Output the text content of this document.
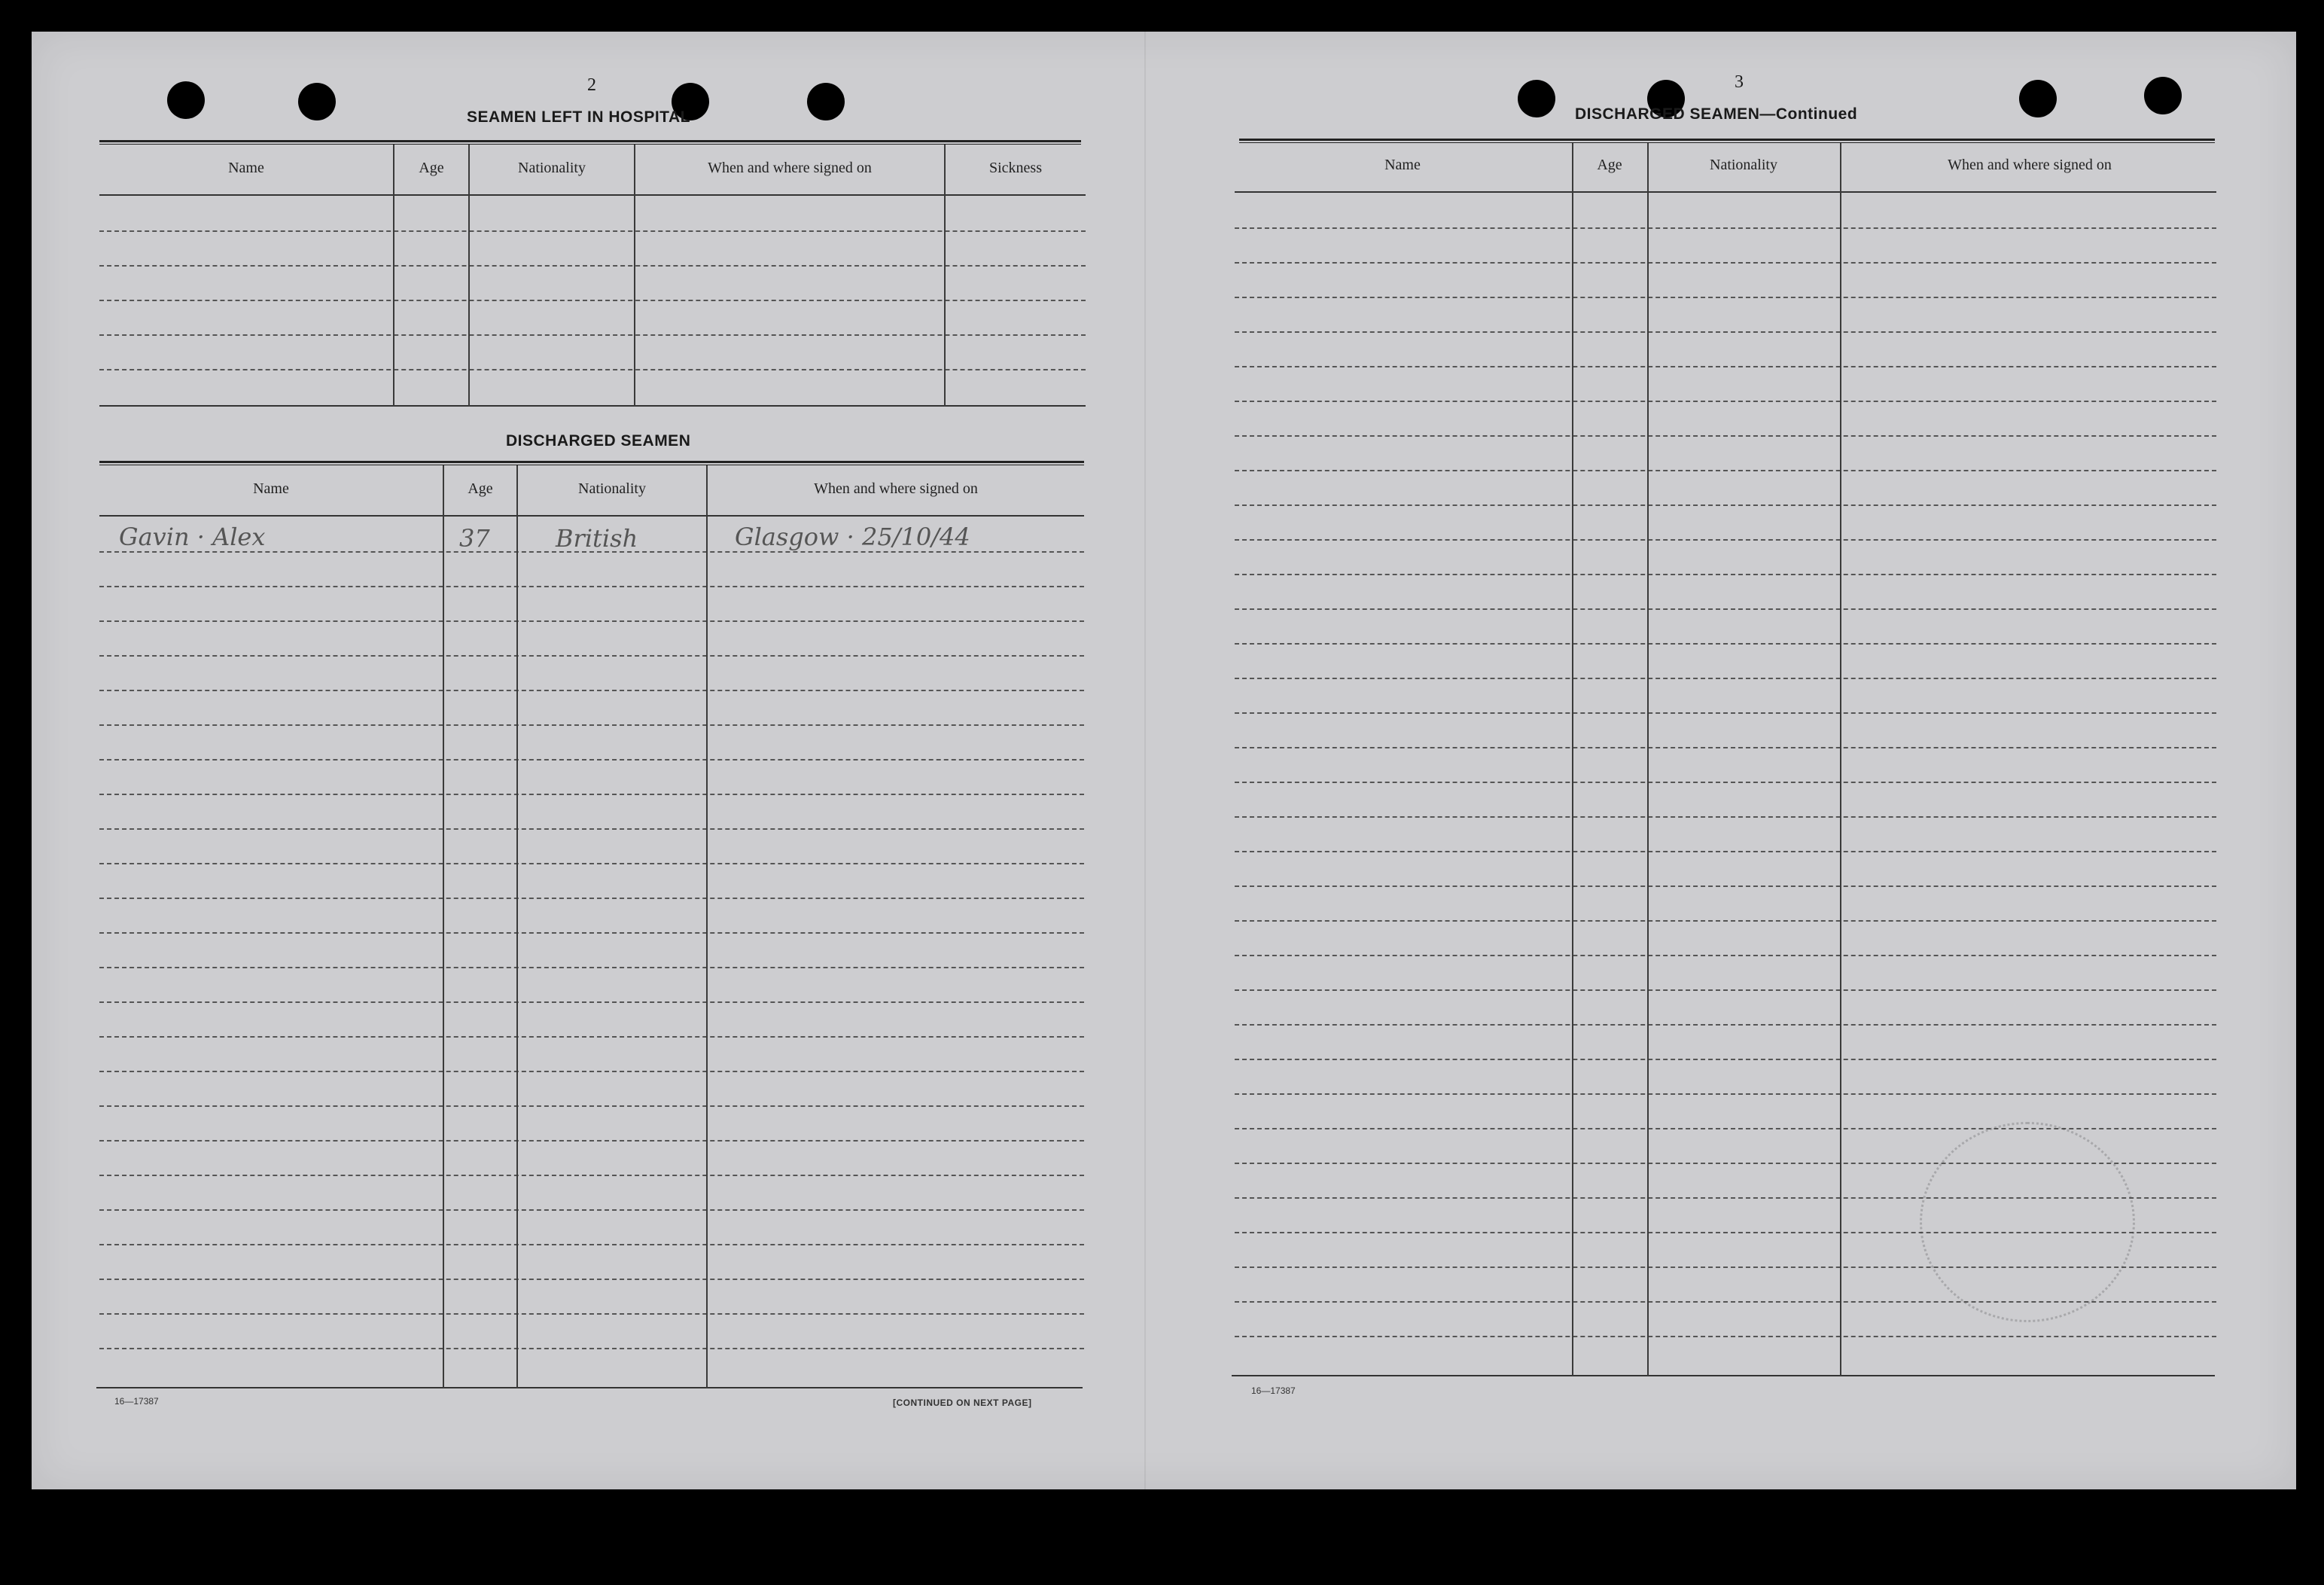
2
SEAMEN LEFT IN HOSPITAL
Name	Age	Nationality	When and where signed on	Sickness
DISCHARGED SEAMEN
Name	Age	Nationality	When and where signed on
Gavin · Alex	37	British	Glasgow · 25/10/44
16—17387	[CONTINUED ON NEXT PAGE]
3
DISCHARGED SEAMEN—Continued
Name	Age	Nationality	When and where signed on
16—17387
